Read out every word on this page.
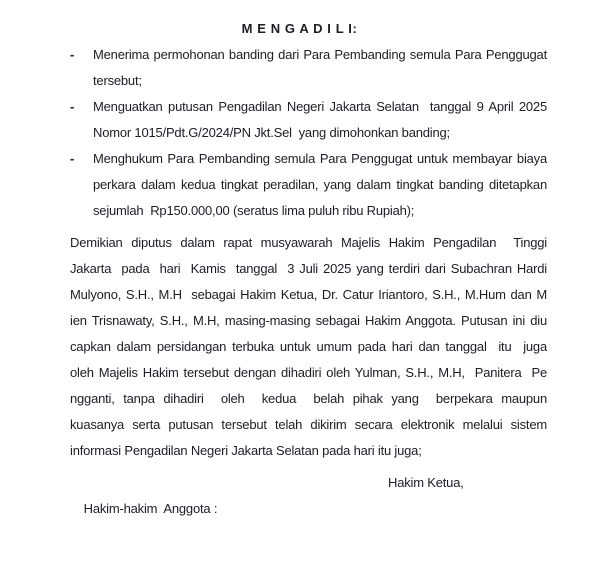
M E N G A D I L I:
-	Menerima permohonan banding dari Para Pembanding semula Para Penggugat
tersebut;
-	Menguatkan putusan Pengadilan Negeri Jakarta Selatan  tanggal 9 April 2025
Nomor 1015/Pdt.G/2024/PN Jkt.Sel  yang dimohonkan banding;
-	Menghukum Para Pembanding semula Para Penggugat untuk membayar biaya
perkara dalam kedua tingkat peradilan, yang dalam tingkat banding ditetapkan
sejumlah  Rp150.000,00 (seratus lima puluh ribu Rupiah);
Demikian diputus dalam rapat musyawarah Majelis Hakim Pengadilan  Tinggi
Jakarta  pada  hari  Kamis  tanggal  3 Juli 2025 yang terdiri dari Subachran Hardi
Mulyono, S.H., M.H  sebagai Hakim Ketua, Dr. Catur Iriantoro, S.H., M.Hum dan M
ien Trisnawaty, S.H., M.H, masing-masing sebagai Hakim Anggota. Putusan ini diu
capkan dalam persidangan terbuka untuk umum pada hari dan tanggal  itu  juga
oleh Majelis Hakim tersebut dengan dihadiri oleh Yulman, S.H., M.H,  Panitera  Pe
ngganti, tanpa dihadiri  oleh  kedua  belah pihak yang  berpekara maupun
kuasanya serta putusan tersebut telah dikirim secara elektronik melalui sistem
informasi Pengadilan Negeri Jakarta Selatan pada hari itu juga;

Hakim-hakim  Anggota :

Hakim Ketua,
